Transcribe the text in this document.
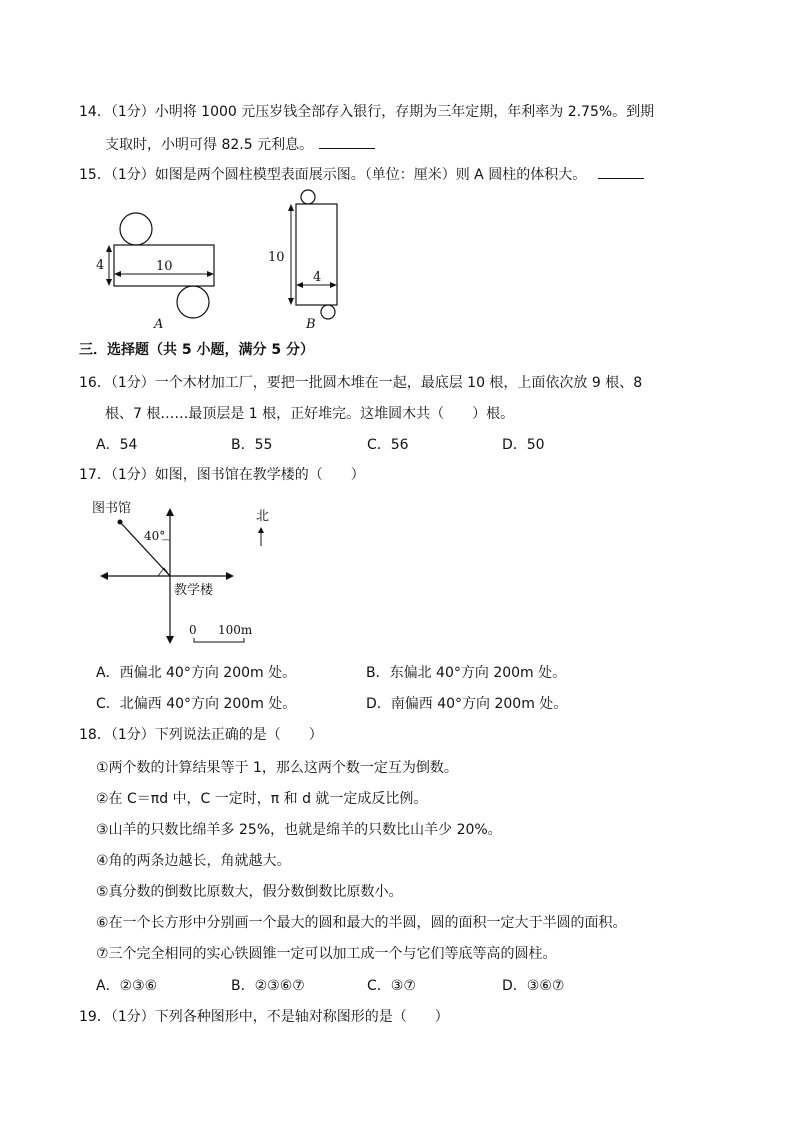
14．（1分）小明将 1000 元压岁钱全部存入银行，存期为三年定期，年利率为 2.75%。到期
支取时，小明可得 82.5 元利息。
15．（1分）如图是两个圆柱模型表面展示图。（单位：厘米）则 A 圆柱的体积大。
4	10
A
10
4
B
三．选择题（共 5 小题，满分 5 分）
16．（1分）一个木材加工厂，要把一批圆木堆在一起，最底层 10 根，上面依次放 9 根、8
根、7 根……最顶层是 1 根，正好堆完。这堆圆木共（　　）根。
A．54	B．55	C．56	D．50
17．（1分）如图，图书馆在教学楼的（　　）
图书馆
40°
教学楼
北
0 100m
A．西偏北 40°方向 200m 处。	B．东偏北 40°方向 200m 处。
C．北偏西 40°方向 200m 处。	D．南偏西 40°方向 200m 处。
18．（1分）下列说法正确的是（　　）
①两个数的计算结果等于 1，那么这两个数一定互为倒数。
②在 C＝πd 中，C 一定时，π 和 d 就一定成反比例。
③山羊的只数比绵羊多 25%，也就是绵羊的只数比山羊少 20%。
④角的两条边越长，角就越大。
⑤真分数的倒数比原数大，假分数倒数比原数小。
⑥在一个长方形中分别画一个最大的圆和最大的半圆，圆的面积一定大于半圆的面积。
⑦三个完全相同的实心铁圆锥一定可以加工成一个与它们等底等高的圆柱。
A．②③⑥	B．②③⑥⑦	C．③⑦	D．③⑥⑦
19．（1分）下列各种图形中，不是轴对称图形的是（　　）
